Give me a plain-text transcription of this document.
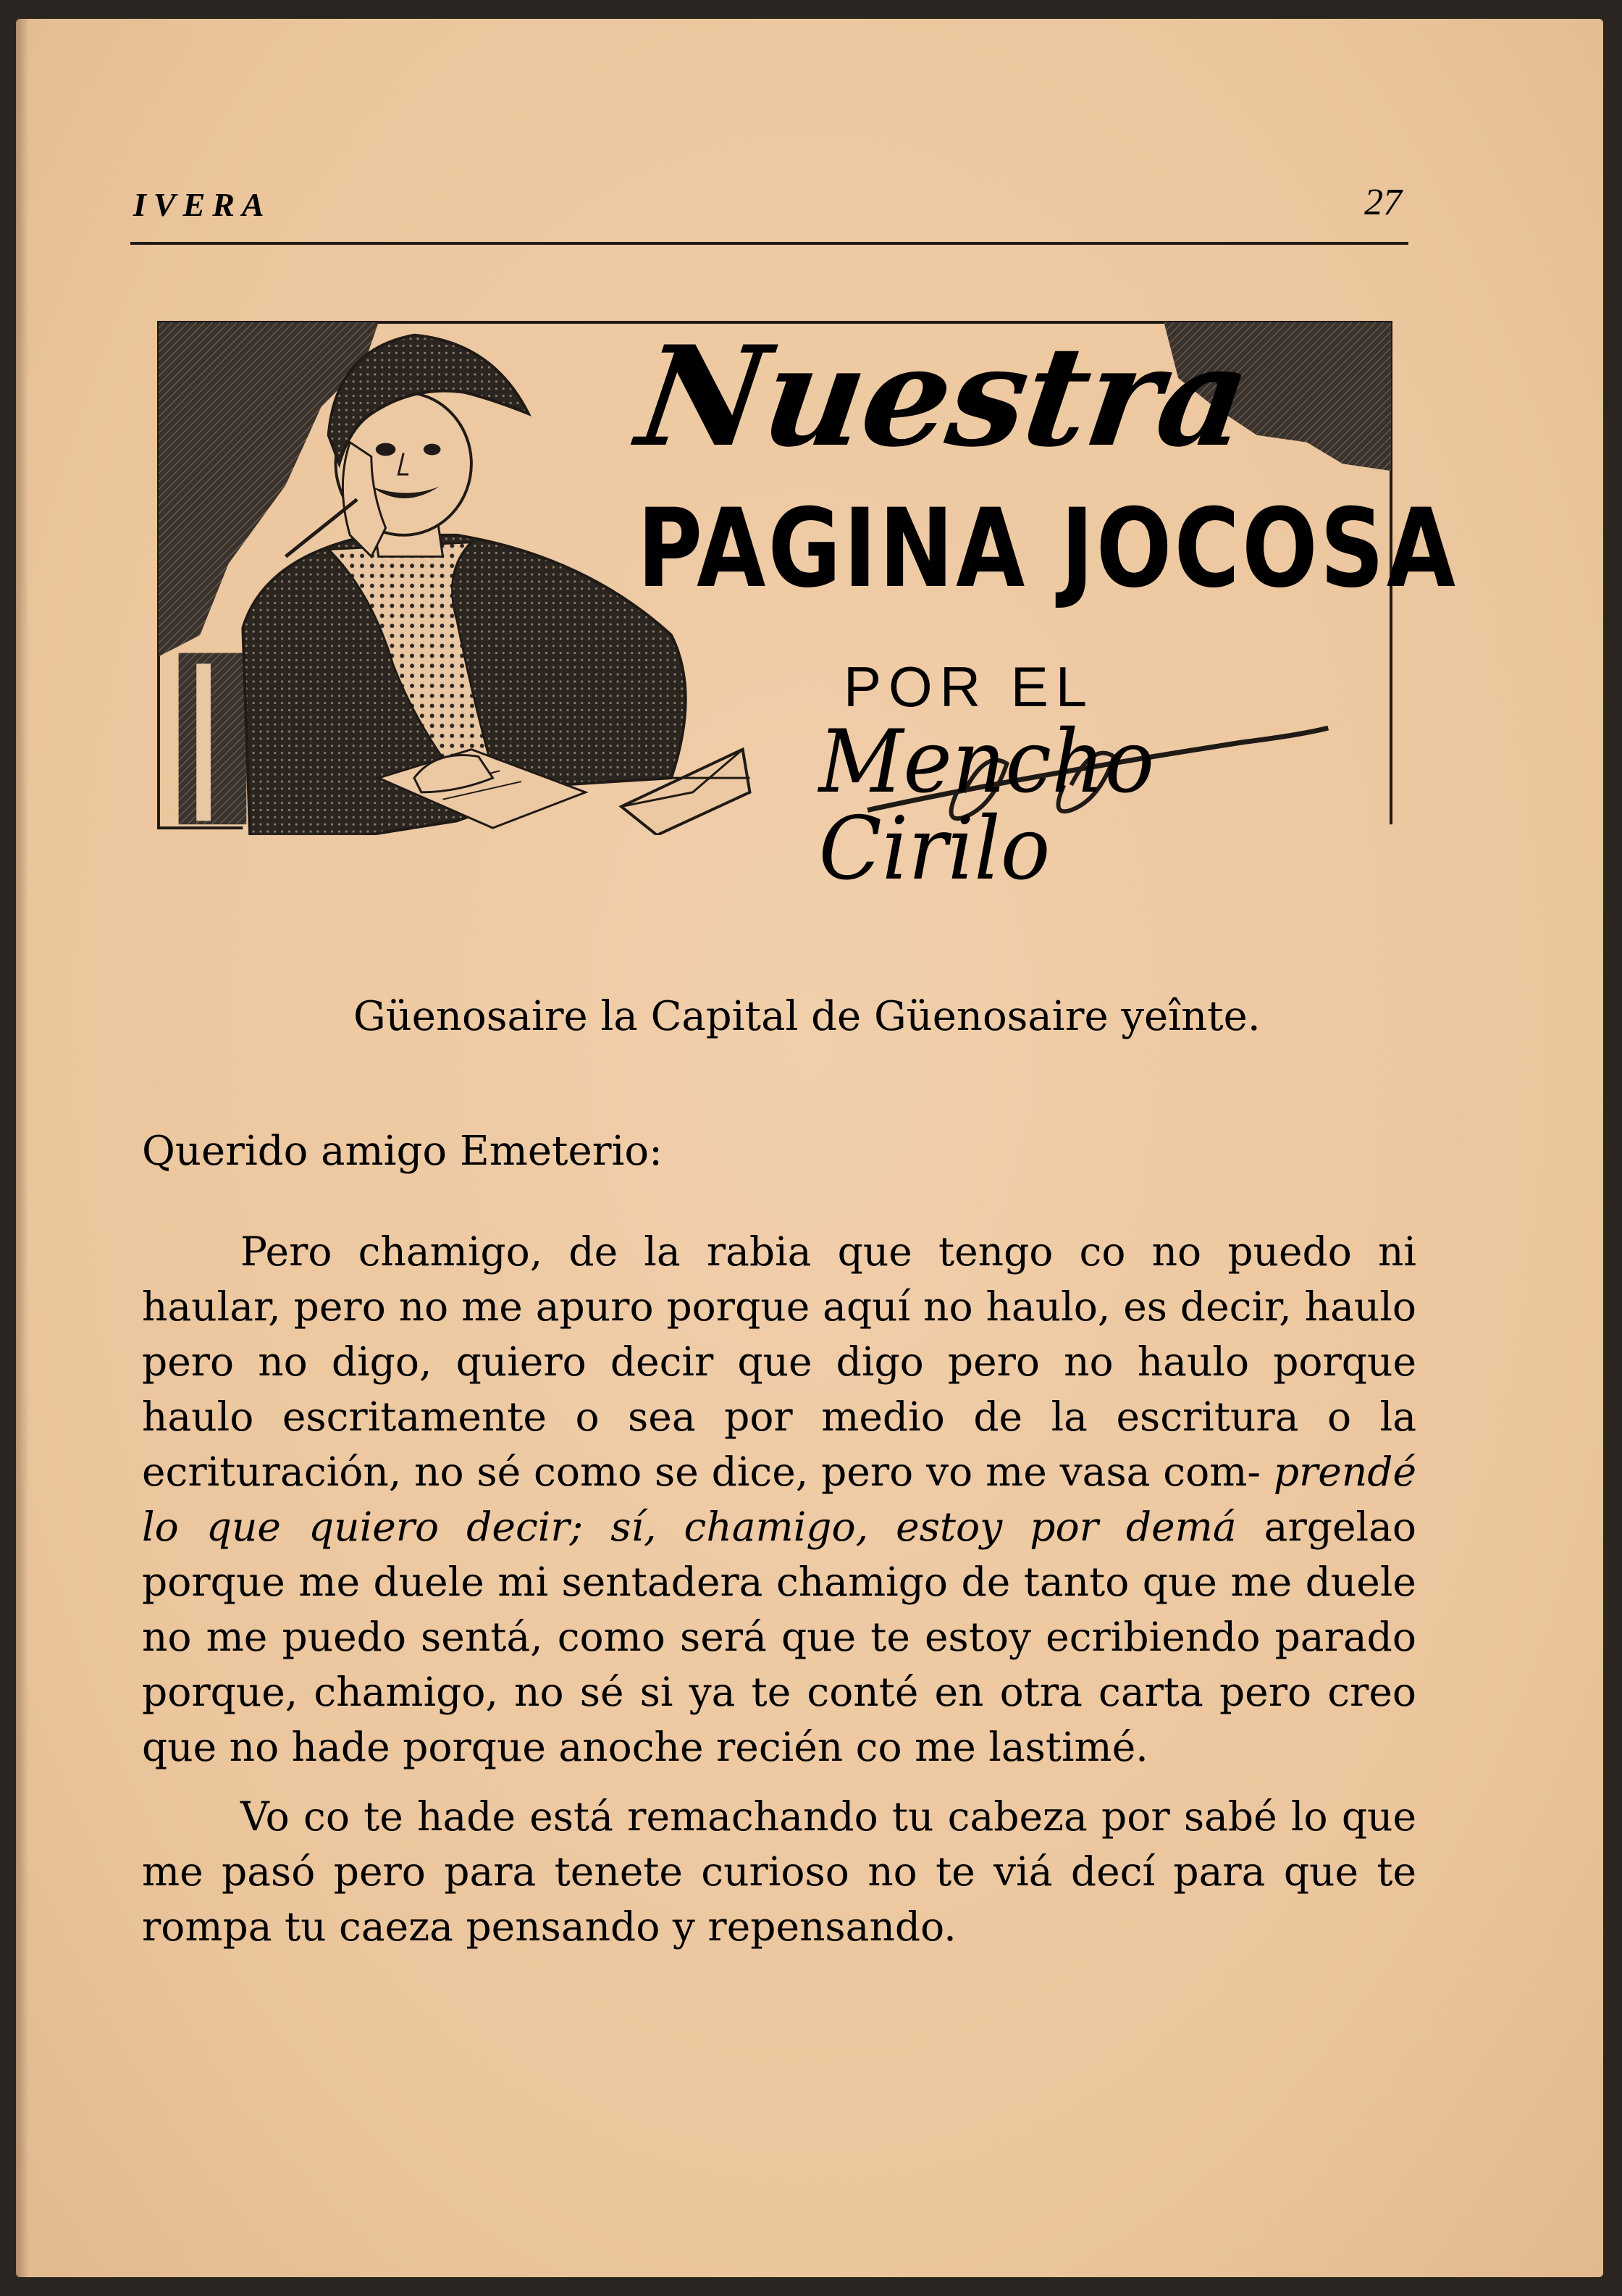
IVERA	27
Nuestra
PAGINA JOCOSA
POR EL
Mencho Cirilo
Güenosaire la Capital de Güenosaire yeînte.
Querido amigo Emeterio:

Pero chamigo, de la rabia que tengo co no puedo ni haular, pero no me apuro porque aquí no haulo, es decir, haulo pero no digo, quiero decir que digo pero no haulo porque haulo escritamente o sea por medio de la escritura o la ecrituración, no sé como se dice, pero vo me vasa com- prendé lo que quiero decir; sí, chamigo, estoy por demá argelao porque me duele mi sentadera chamigo de tanto que me duele no me puedo sentá, como será que te estoy ecribiendo parado porque, chamigo, no sé si ya te conté en otra carta pero creo que no hade porque anoche recién co me lastimé.

Vo co te hade está remachando tu cabeza por sabé lo que me pasó pero para tenete curioso no te viá decí para que te rompa tu caeza pensando y repensando.
